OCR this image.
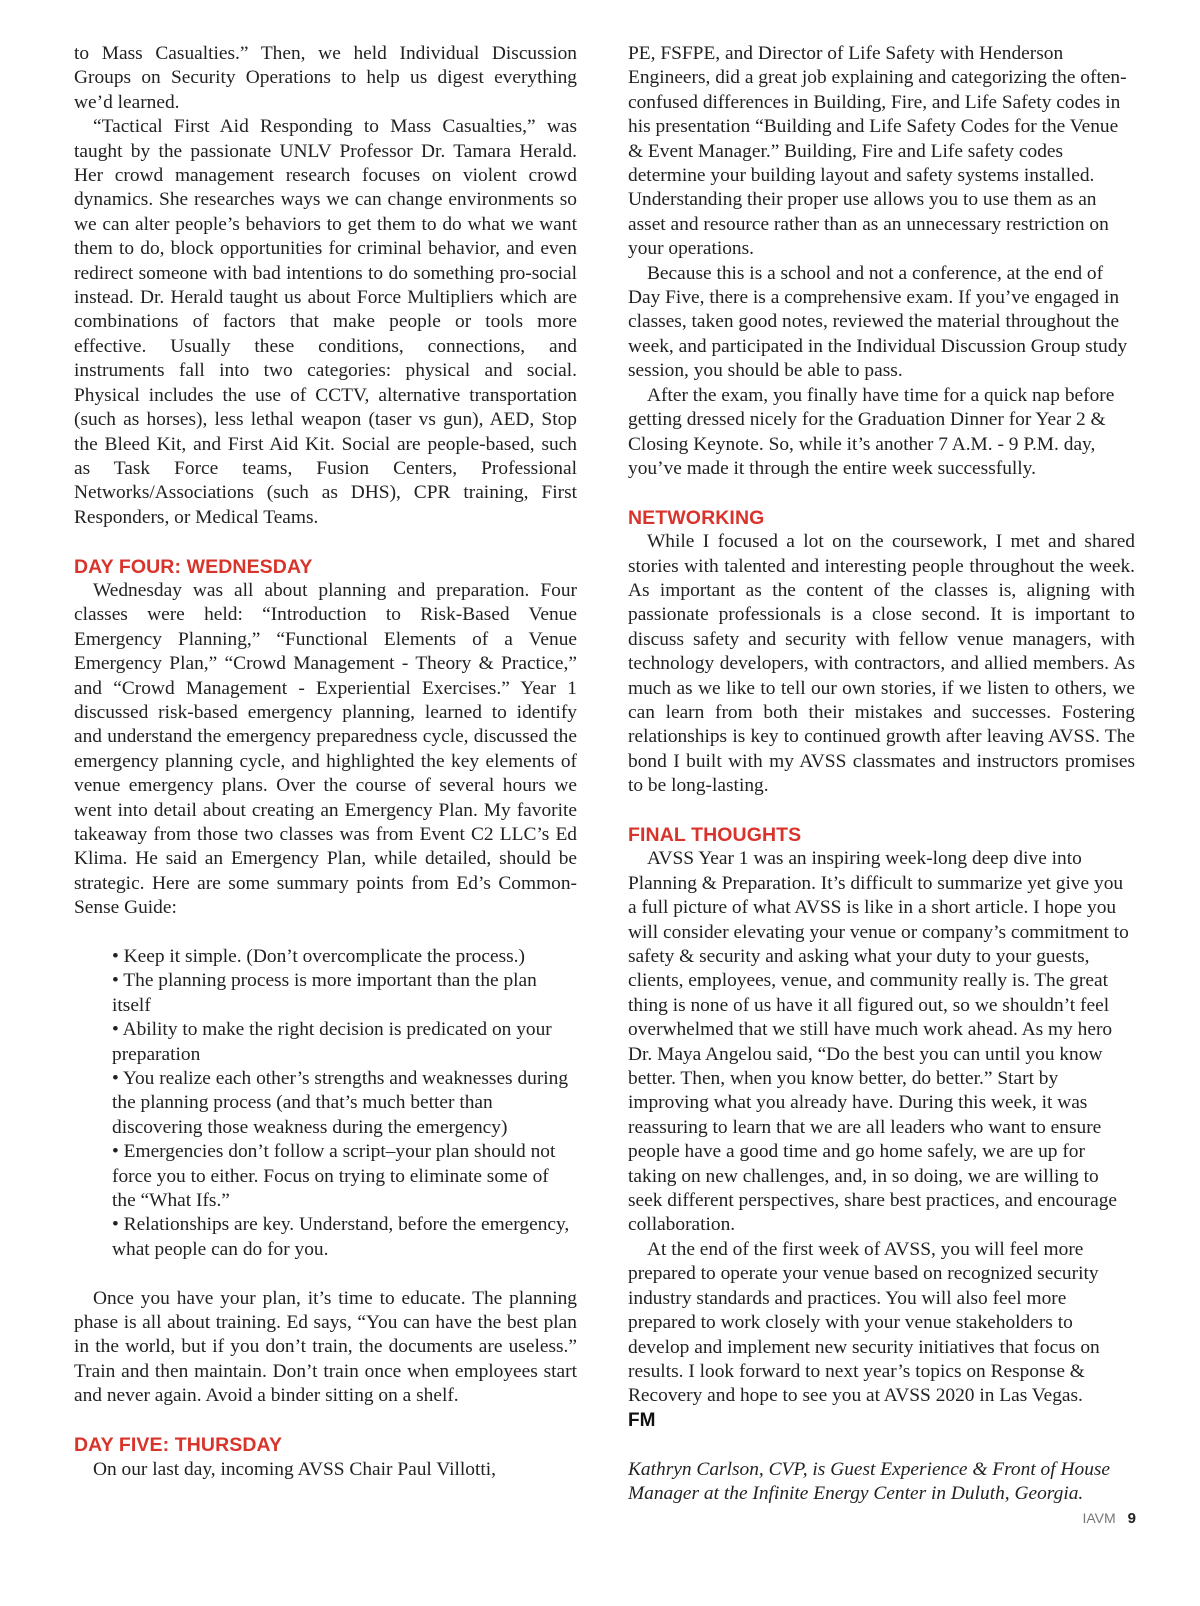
to Mass Casualties.” Then, we held Individual Discussion Groups on Security Operations to help us digest everything we’d learned.

“Tactical First Aid Responding to Mass Casualties,” was taught by the passionate UNLV Professor Dr. Tamara Herald. Her crowd management research focuses on violent crowd dynamics. She researches ways we can change environments so we can alter people’s behaviors to get them to do what we want them to do, block opportunities for criminal behavior, and even redirect someone with bad intentions to do something pro-social instead. Dr. Herald taught us about Force Multipliers which are combinations of factors that make people or tools more effective. Usually these conditions, connections, and instruments fall into two categories: physical and social. Physical includes the use of CCTV, alternative transportation (such as horses), less lethal weapon (taser vs gun), AED, Stop the Bleed Kit, and First Aid Kit. Social are people-based, such as Task Force teams, Fusion Centers, Professional Networks/Associations (such as DHS), CPR training, First Responders, or Medical Teams.

DAY FOUR: WEDNESDAY

Wednesday was all about planning and preparation. Four classes were held: “Introduction to Risk-Based Venue Emergency Planning,” “Functional Elements of a Venue Emergency Plan,” “Crowd Management - Theory & Practice,” and “Crowd Management - Experiential Exercises.” Year 1 discussed risk-based emergency planning, learned to identify and understand the emergency preparedness cycle, discussed the emergency planning cycle, and highlighted the key elements of venue emergency plans. Over the course of several hours we went into detail about creating an Emergency Plan. My favorite takeaway from those two classes was from Event C2 LLC’s Ed Klima. He said an Emergency Plan, while detailed, should be strategic. Here are some summary points from Ed’s Common-Sense Guide:

• Keep it simple. (Don’t overcomplicate the process.)
• The planning process is more important than the plan itself
• Ability to make the right decision is predicated on your preparation
• You realize each other’s strengths and weaknesses during the planning process (and that’s much better than discovering those weakness during the emergency)
• Emergencies don’t follow a script–your plan should not force you to either. Focus on trying to eliminate some of the “What Ifs.”
• Relationships are key. Understand, before the emergency, what people can do for you.

Once you have your plan, it’s time to educate. The planning phase is all about training. Ed says, “You can have the best plan in the world, but if you don’t train, the documents are useless.” Train and then maintain. Don’t train once when employees start and never again. Avoid a binder sitting on a shelf.

DAY FIVE: THURSDAY

On our last day, incoming AVSS Chair Paul Villotti,

PE, FSFPE, and Director of Life Safety with Henderson Engineers, did a great job explaining and categorizing the often-confused differences in Building, Fire, and Life Safety codes in his presentation “Building and Life Safety Codes for the Venue & Event Manager.” Building, Fire and Life safety codes determine your building layout and safety systems installed. Understanding their proper use allows you to use them as an asset and resource rather than as an unnecessary restriction on your operations.

Because this is a school and not a conference, at the end of Day Five, there is a comprehensive exam. If you’ve engaged in classes, taken good notes, reviewed the material throughout the week, and participated in the Individual Discussion Group study session, you should be able to pass.

After the exam, you finally have time for a quick nap before getting dressed nicely for the Graduation Dinner for Year 2 & Closing Keynote. So, while it’s another 7 A.M. - 9 P.M. day, you’ve made it through the entire week successfully.

NETWORKING

While I focused a lot on the coursework, I met and shared stories with talented and interesting people throughout the week. As important as the content of the classes is, aligning with passionate professionals is a close second. It is important to discuss safety and security with fellow venue managers, with technology developers, with contractors, and allied members. As much as we like to tell our own stories, if we listen to others, we can learn from both their mistakes and successes. Fostering relationships is key to continued growth after leaving AVSS. The bond I built with my AVSS classmates and instructors promises to be long-lasting.

FINAL THOUGHTS

AVSS Year 1 was an inspiring week-long deep dive into Planning & Preparation. It’s difficult to summarize yet give you a full picture of what AVSS is like in a short article. I hope you will consider elevating your venue or company’s commitment to safety & security and asking what your duty to your guests, clients, employees, venue, and community really is. The great thing is none of us have it all figured out, so we shouldn’t feel overwhelmed that we still have much work ahead. As my hero Dr. Maya Angelou said, “Do the best you can until you know better. Then, when you know better, do better.” Start by improving what you already have. During this week, it was reassuring to learn that we are all leaders who want to ensure people have a good time and go home safely, we are up for taking on new challenges, and, in so doing, we are willing to seek different perspectives, share best practices, and encourage collaboration.

At the end of the first week of AVSS, you will feel more prepared to operate your venue based on recognized security industry standards and practices. You will also feel more prepared to work closely with your venue stakeholders to develop and implement new security initiatives that focus on results. I look forward to next year’s topics on Response & Recovery and hope to see you at AVSS 2020 in Las Vegas.

FM

Kathryn Carlson, CVP, is Guest Experience & Front of House Manager at the Infinite Energy Center in Duluth, Georgia.

IAVM 9
